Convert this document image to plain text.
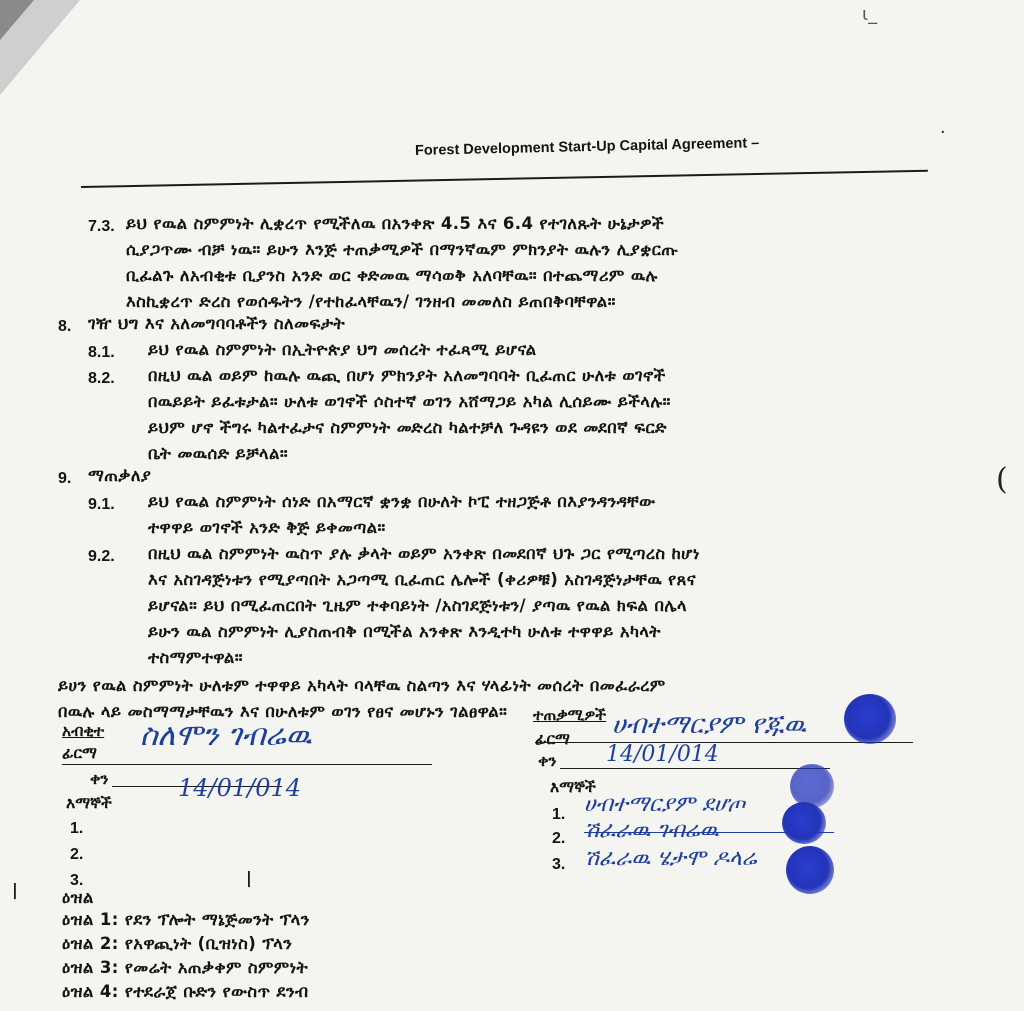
ι_
·
(
Forest Development Start-Up Capital Agreement –
7.3. ይህ የዉል ስምምነት ሊቋረጥ የሚችለዉ በአንቀጽ 4.5 እና 6.4 የተገለጹት ሁኔታዎች
ሲያጋጥሙ ብቻ ነዉ። ይሁን እንጅ ተጠቃሚዎች በማንኛዉም ምክንያት ዉሉን ሊያቋርጡ
ቢፈልጉ ለአብቂቱ ቢያንስ አንድ ወር ቀድመዉ ማሳወቅ አለባቸዉ። በተጨማሪም ዉሉ
እስኪቋረጥ ድረስ የወሰዱትን /የተከፈላቸዉን/ ገንዘብ መመለስ ይጠበቅባቸዋል።
8. ገዥ ህግ እና አለመግባባቶችን ስለመፍታት
8.1. ይህ የዉል ስምምነት በኢትዮጵያ ህግ መሰረት ተፈጻሚ ይሆናል
8.2. በዚህ ዉል ወይም ከዉሉ ዉጪ በሆነ ምክንያት አለመግባባት ቢፈጠር ሁለቱ ወገኖች
በዉይይት ይፈቱታል። ሁለቱ ወገኖች ሶስተኛ ወገን አሸማጋይ አካል ሊሰይሙ ይችላሉ።
ይህም ሆኖ ችግሩ ካልተፈታና ስምምነት መድረስ ካልተቻለ ጉዳዩን ወደ መደበኛ ፍርድ
ቤት መዉሰድ ይቻላል።
9. ማጠቃለያ
9.1. ይህ የዉል ስምምነት ሰነድ በአማርኛ ቋንቋ በሁለት ኮፒ ተዘጋጅቶ በእያንዳንዳቸው
ተዋዋይ ወገኖች አንድ ቅጅ ይቀመጣል።
9.2. በዚህ ዉል ስምምነት ዉስጥ ያሉ ቃላት ወይም አንቀጽ በመደበኛ ህጉ ጋር የሚጣረስ ከሆነ
እና አስገዳጅነቱን የሚያጣበት አጋጣሚ ቢፈጠር ሌሎች (ቀሪዎቹ) አስገዳጅነታቸዉ የጸና
ይሆናል። ይህ በሚፈጠርበት ጊዜም ተቀባይነት /አስገደጅነቱን/ ያጣዉ የዉል ክፍል በሌላ
ይሁን ዉል ስምምነት ሊያስጠብቅ በሚችል አንቀጽ እንዲተካ ሁለቱ ተዋዋይ አካላት
ተስማምተዋል።
ይሀን የዉል ስምምነት ሁለቱም ተዋዋይ አካላት ባላቸዉ ስልጣን እና ሃላፊነት መሰረት በመፈራረም
በዉሉ ላይ መስማማታቸዉን እና በሁለቱም ወገን የፀና መሆኑን ገልፀዋል።
አብቂተ
ፊርማ ስለሞን ገብሬዉ
ቀን	14/01/014
እማኞች
1.
2.
3.
ተጠቃሚዎች
ፊርማ ሀብተማርያም የጁዉ
ቀን 14/01/014
እማኞች
1.
2.
3.
ሀብተማርያም ደሆጦ
ሽፈራዉ ገብሬዉ
ሽፈራዉ ሄታሞ ዶላሬ
|
|
ዕዝል
ዕዝል 1: የደን ፕሎት ማኔጅመንት ፕላን
ዕዝል 2: የአዋጪነት (ቢዝነስ) ፕላን
ዕዝል 3: የመሬት አጠቃቀም ስምምነት
ዕዝል 4: የተደራጀ ቡድን የውስጥ ደንብ
